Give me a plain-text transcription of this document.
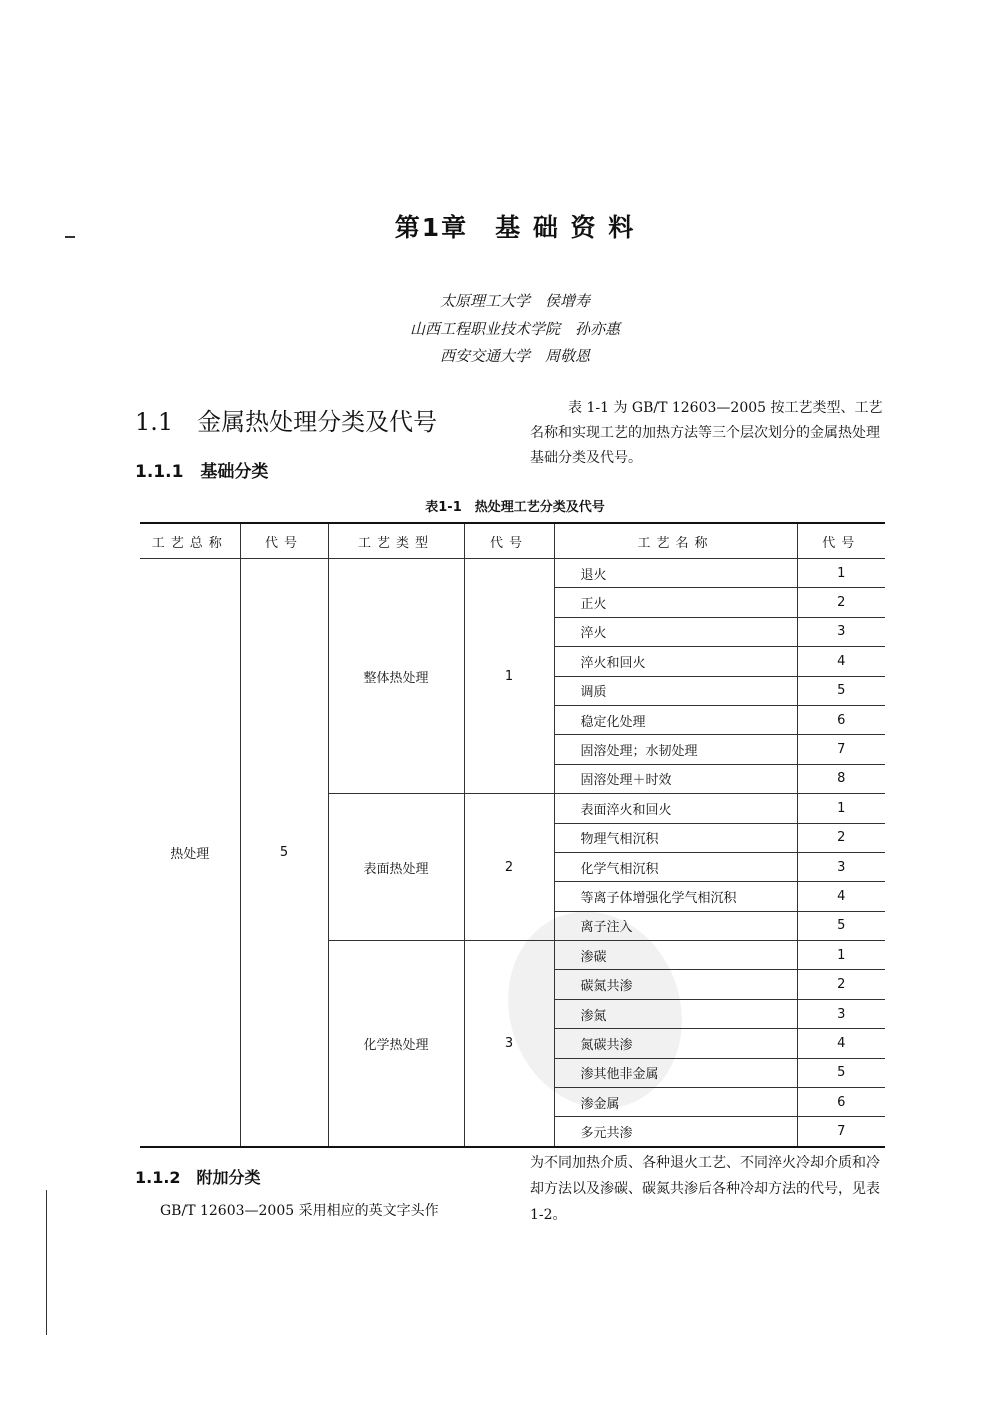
第1章　基 础 资 料
太原理工大学　侯增寿
山西工程职业技术学院　孙亦惠
西安交通大学　周敬恩
1.1　金属热处理分类及代号
1.1.1　基础分类
表 1-1 为 GB/T 12603—2005 按工艺类型、工艺名称和实现工艺的加热方法等三个层次划分的金属热处理基础分类及代号。
表1-1　热处理工艺分类及代号
工艺总称	代号	工艺类型	代号	工艺名称	代号
热处理	5	整体热处理	1	退火	1
				正火	2
				淬火	3
				淬火和回火	4
				调质	5
				稳定化处理	6
				固溶处理；水韧处理	7
				固溶处理＋时效	8
		表面热处理	2	表面淬火和回火	1
				物理气相沉积	2
				化学气相沉积	3
				等离子体增强化学气相沉积	4
				离子注入	5
		化学热处理	3	渗碳	1
				碳氮共渗	2
				渗氮	3
				氮碳共渗	4
				渗其他非金属	5
				渗金属	6
				多元共渗	7
1.1.2　附加分类
GB/T 12603—2005 采用相应的英文字头作
为不同加热介质、各种退火工艺、不同淬火冷却介质和冷却方法以及渗碳、碳氮共渗后各种冷却方法的代号，见表 1-2。
